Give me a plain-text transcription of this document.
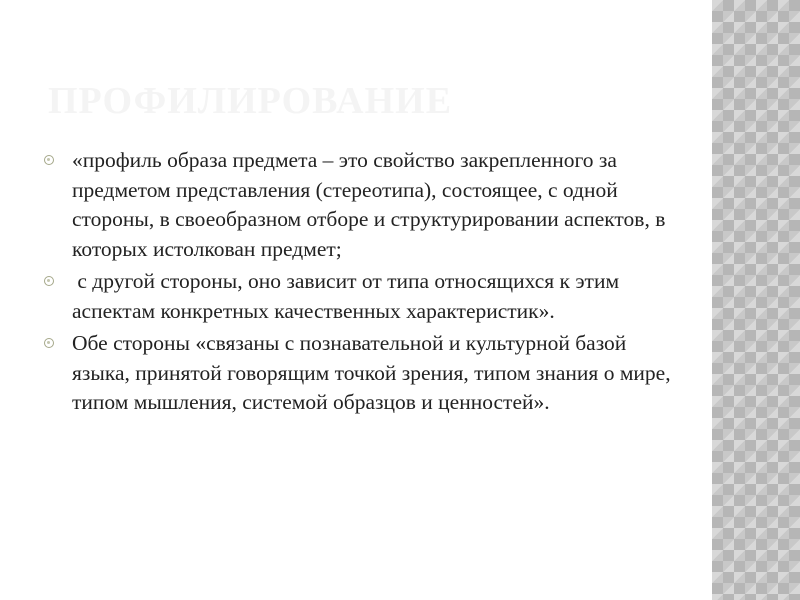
ПРОФИЛИРОВАНИЕ
«профиль образа предмета – это свойство закрепленного за предметом представления (стереотипа), состоящее, с одной стороны, в своеобразном отборе и структурировании аспектов, в которых истолкован предмет;
с другой стороны, оно зависит от типа относящихся к этим аспектам конкретных качественных характеристик».
Обе стороны «связаны с познавательной и культурной базой языка, принятой говорящим точкой зрения, типом знания о мире, типом мышления, системой образцов и ценностей».
